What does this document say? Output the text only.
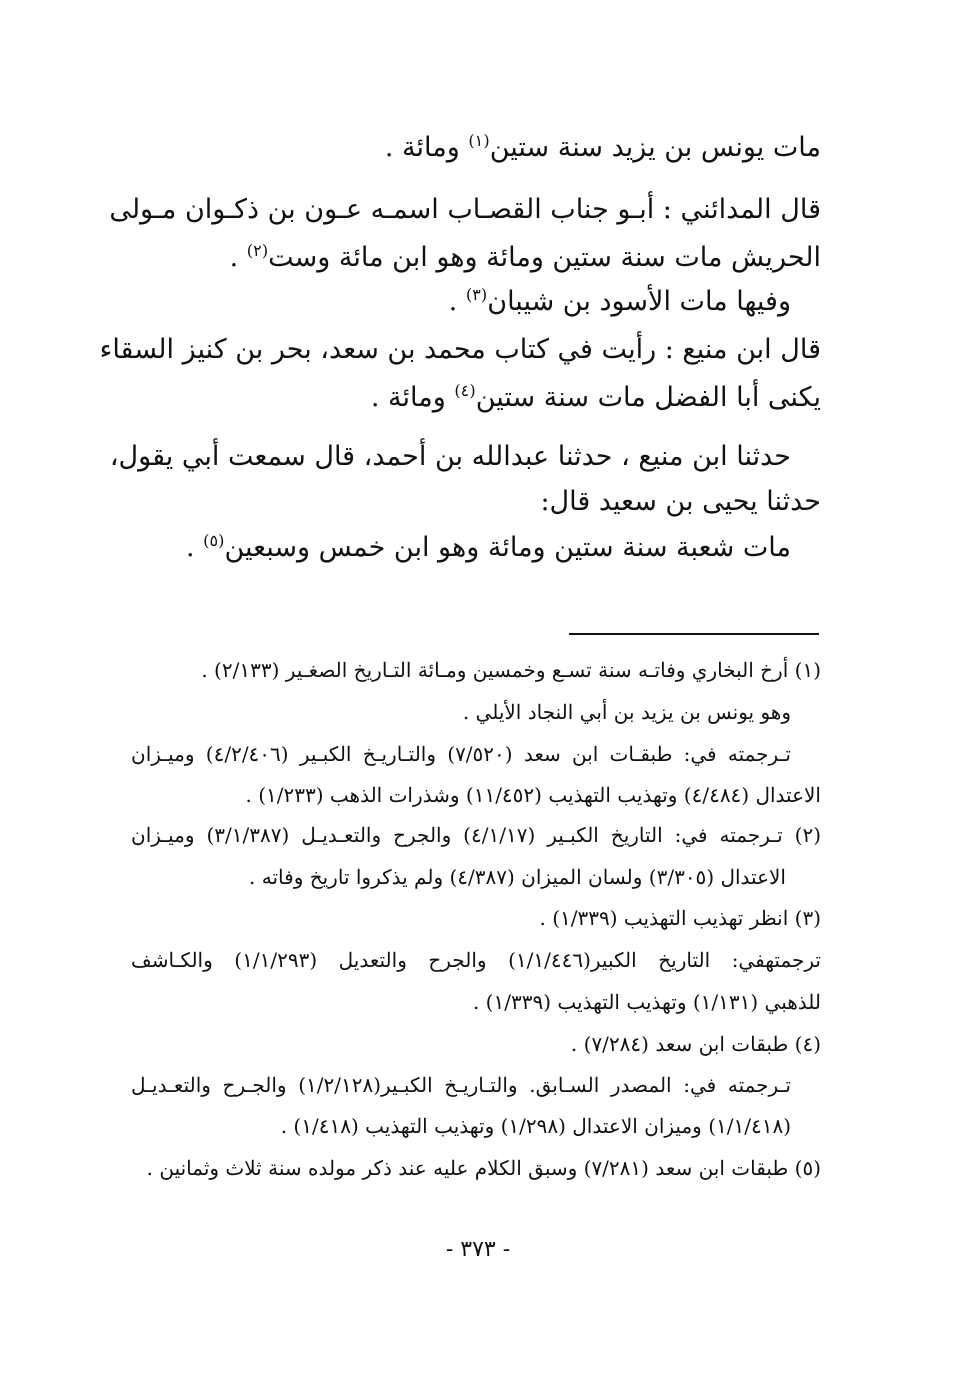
مات يونس بن يزيد سنة ستين$^{(١)}$ ومائة .
قال المدائني : أبـو جناب القصـاب اسمـه عـون بن ذكـوان مـولى
الحريش مات سنة ستين ومائة وهو ابن مائة وست$^{(٢)}$ .
وفيها مات الأسود بن شيبان$^{(٣)}$ .
قال ابن منيع : رأيت في كتاب محمد بن سعد، بحر بن كنيز السقاء
يكنى أبا الفضل مات سنة ستين$^{(٤)}$ ومائة .
حدثنا ابن منيع ، حدثنا عبدالله بن أحمد، قال سمعت أبي يقول،
حدثنا يحيى بن سعيد قال:
مات شعبة سنة ستين ومائة وهو ابن خمس وسبعين$^{(٥)}$ .
(١) أرخ البخاري وفاتـه سنة تسـع وخمسين ومـائة التـاريخ الصغـير (٢/١٣٣) .
وهو يونس بن يزيد بن أبي النجاد الأيلي .
تـرجمته في: طبقـات ابن سعد (٧/٥٢٠) والتـاريـخ الكبـير (٤/٢/٤٠٦) وميـزان
الاعتدال (٤/٤٨٤) وتهذيب التهذيب (١١/٤٥٢) وشذرات الذهب (١/٢٣٣) .
(٢) تـرجمته في: التاريخ الكبـير (٤/١/١٧) والجرح والتعـديـل (٣/١/٣٨٧) وميـزان
الاعتدال (٣/٣٠٥) ولسان الميزان (٤/٣٨٧) ولم يذكروا تاريخ وفاته .
(٣) انظر تهذيب التهذيب (١/٣٣٩) .
ترجمتهفي: التاريخ الكبير(١/١/٤٤٦) والجرح والتعديل (١/١/٢٩٣) والكـاشف
للذهبي (١/١٣١) وتهذيب التهذيب (١/٣٣٩) .
(٤) طبقات ابن سعد (٧/٢٨٤) .
تـرجمته في: المصدر السـابق. والتـاريـخ الكبـير(١/٢/١٢٨) والجـرح والتعـديـل
(١/١/٤١٨) وميزان الاعتدال (١/٢٩٨) وتهذيب التهذيب (١/٤١٨) .
(٥) طبقات ابن سعد (٧/٢٨١) وسبق الكلام عليه عند ذكر مولده سنة ثلاث وثمانين .
- ٣٧٣ -
